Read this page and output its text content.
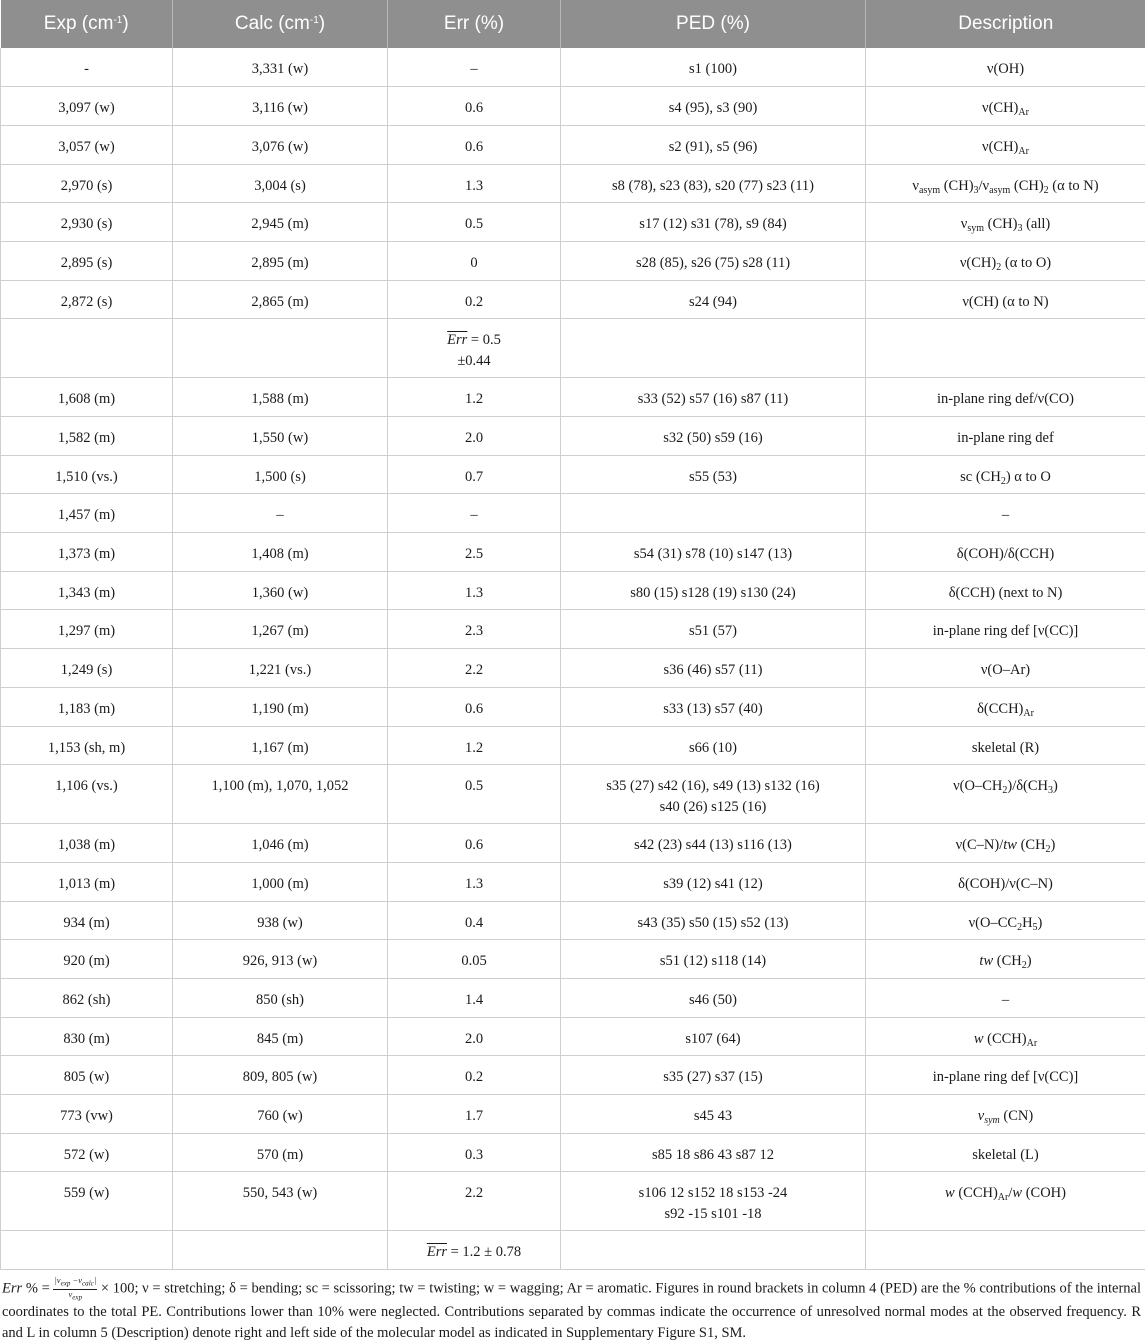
Exp $(cm^{-1})$	Calc $(cm^{-1})$	Err (%)	PED (%)	Description
-	3,331 (w)	–	s1 (100)	ν(OH)
3,097 (w)	3,116 (w)	0.6	s4 (95), s3 (90)	$\nu(CH)_{Ar}$
3,057 (w)	3,076 (w)	0.6	s2 (91), s5 (96)	$\nu(CH)_{Ar}$
2,970 (s)	3,004 (s)	1.3	s8 (78), s23 (83), s20 (77) s23 (11)	$\nu_{asym}$ $(CH)_3/\nu_{asym}$ $(CH)_2$ (α to N)
2,930 (s)	2,945 (m)	0.5	s17 (12) s31 (78), s9 (84)	$\nu_{sym}$ $(CH)_3$ (all)
2,895 (s)	2,895 (m)	0	s28 (85), s26 (75) s28 (11)	$\nu(CH)_2$ (α to O)
2,872 (s)	2,865 (m)	0.2	s24 (94)	ν(CH) (α to N)
		$\overline{Err} = 0.5$
±0.44		
1,608 (m)	1,588 (m)	1.2	s33 (52) s57 (16) s87 (11)	in-plane ring def/ν(CO)
1,582 (m)	1,550 (w)	2.0	s32 (50) s59 (16)	in-plane ring def
1,510 (vs.)	1,500 (s)	0.7	s55 (53)	sc $(CH_2)$ α to O
1,457 (m)	–	–		–
1,373 (m)	1,408 (m)	2.5	s54 (31) s78 (10) s147 (13)	δ(COH)/δ(CCH)
1,343 (m)	1,360 (w)	1.3	s80 (15) s128 (19) s130 (24)	δ(CCH) (next to N)
1,297 (m)	1,267 (m)	2.3	s51 (57)	in-plane ring def [ν(CC)]
1,249 (s)	1,221 (vs.)	2.2	s36 (46) s57 (11)	ν(O–Ar)
1,183 (m)	1,190 (m)	0.6	s33 (13) s57 (40)	$\delta(CCH)_{Ar}$
1,153 (sh, m)	1,167 (m)	1.2	s66 (10)	skeletal (R)
1,106 (vs.)	1,100 (m), 1,070, 1,052	0.5	s35 (27) s42 (16), s49 (13) s132 (16)
s40 (26) s125 (16)	$\nu(O-CH_2)/\delta(CH_3)$
1,038 (m)	1,046 (m)	0.6	s42 (23) s44 (13) s116 (13)	ν(C–N)/tw $(CH_2)$
1,013 (m)	1,000 (m)	1.3	s39 (12) s41 (12)	δ(COH)/ν(C–N)
934 (m)	938 (w)	0.4	s43 (35) s50 (15) s52 (13)	$\nu(O-CC_2H_5)$
920 (m)	926, 913 (w)	0.05	s51 (12) s118 (14)	tw $(CH_2)$
862 (sh)	850 (sh)	1.4	s46 (50)	–
830 (m)	845 (m)	2.0	s107 (64)	w $(CCH)_{Ar}$
805 (w)	809, 805 (w)	0.2	s35 (27) s37 (15)	in-plane ring def [ν(CC)]
773 (vw)	760 (w)	1.7	s45 43	$\nu_{sym}$ (CN)
572 (w)	570 (m)	0.3	s85 18 s86 43 s87 12	skeletal (L)
559 (w)	550, 543 (w)	2.2	s106 12 s152 18 s153 -24
s92 -15 s101 -18	w $(CCH)_{Ar}/w$ (COH)
		$\overline{Err} = 1.2 \pm 0.78$		
Err % = $\frac{|\nu_{exp} -\nu_{calc}|}{\nu_{exp}} \times 100$; ν = stretching; δ = bending; sc = scissoring; tw = twisting; w = wagging; Ar = aromatic. Figures in round brackets in column 4 (PED) are the % contributions of the internal coordinates to the total PE. Contributions lower than 10% were neglected. Contributions separated by commas indicate the occurrence of unresolved normal modes at the observed frequency. R and L in column 5 (Description) denote right and left side of the molecular model as indicated in Supplementary Figure S1, SM.
